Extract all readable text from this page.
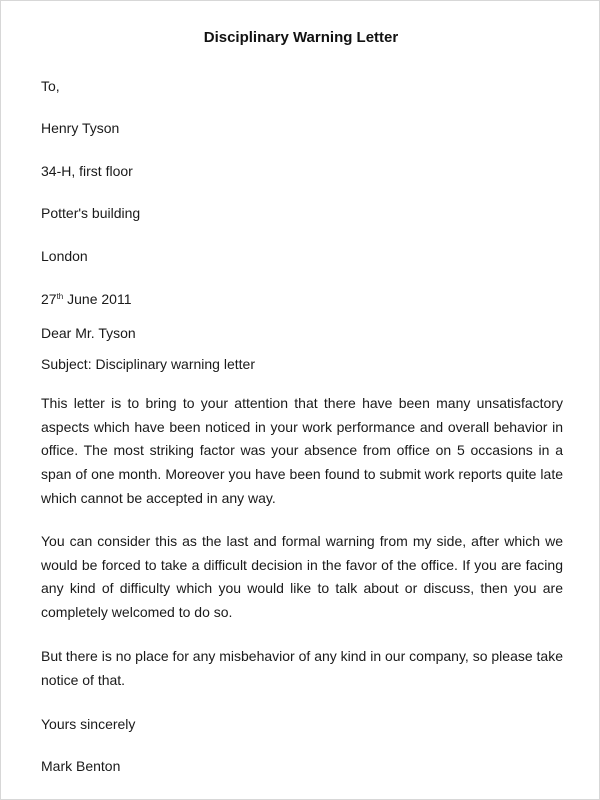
Disciplinary Warning Letter
To,
Henry Tyson
34-H, first floor
Potter's building
London
27th June 2011
Dear Mr. Tyson
Subject: Disciplinary warning letter
This letter is to bring to your attention that there have been many unsatisfactory aspects which have been noticed in your work performance and overall behavior in office. The most striking factor was your absence from office on 5 occasions in a span of one month. Moreover you have been found to submit work reports quite late which cannot be accepted in any way.
You can consider this as the last and formal warning from my side, after which we would be forced to take a difficult decision in the favor of the office. If you are facing any kind of difficulty which you would like to talk about or discuss, then you are completely welcomed to do so.
But there is no place for any misbehavior of any kind in our company, so please take notice of that.
Yours sincerely
Mark Benton
